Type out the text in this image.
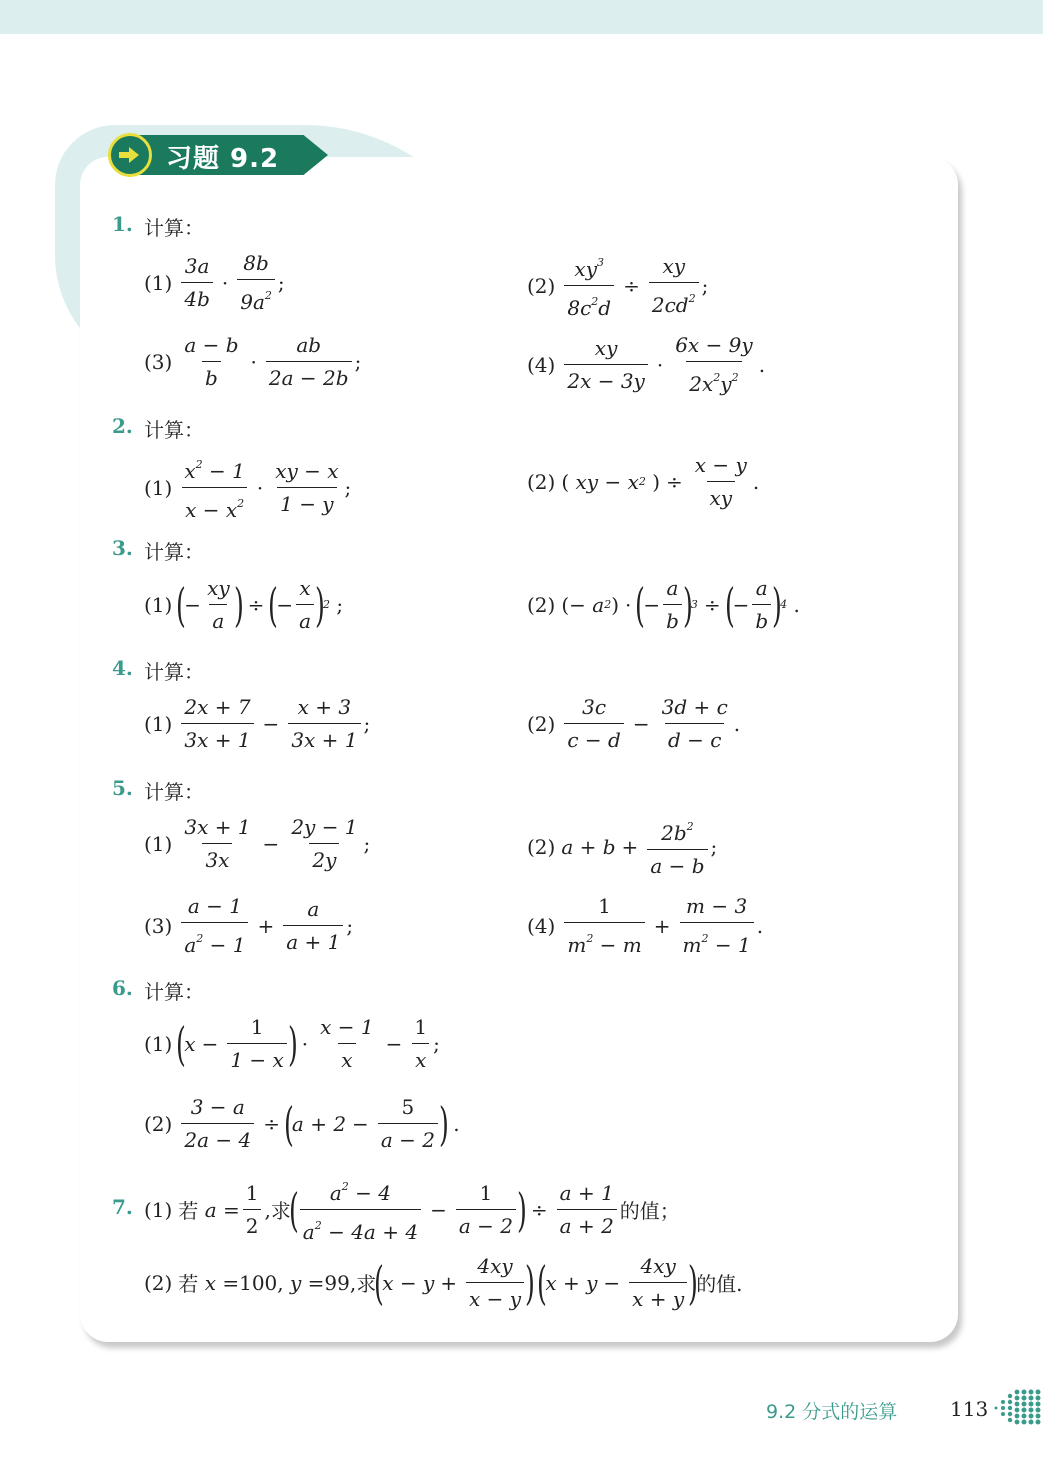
习题 9.2
1. 计算：
(1)
3a
4b
·
8b
$9a^2$
;	$(2) \frac{xy^3}{8c^2d} \div \frac{xy}{2cd^2}$ ;
(3)
a − b
b
·
ab
2a − 2b
;	(4)
xy
2x − 3y
·
6x − 9y
$2x^2y^2$
.
2. 计算：
(1)
$x^2 - 1$
$x - x^2$
·
xy − x
1 − y
;	(2) ( xy − x 2
) ÷ $\frac{x - y}{xy}$ .
3. 计算：
(1) (
− $\frac{xy}{a}$ ) ÷ (
− $\frac{x}{a}$ )
2 ;	(2) ( − a 2 ) · (
− $\frac{a}{b}$ )
3 ÷ (
− $\frac{a}{b}$ )
4 .
4. 计算：
(1)
2x + 7
3x + 1
− $\frac{x + 3}{3x + 1}$ ;	(2)
3c
c − d
− $\frac{3d + c}{d - c}$ .
5. 计算：
(1)
3x + 1
3x
− $\frac{2y - 1}{2y}$ ;	(2) $a + b + \frac{2b^2}{a - b}$ ;
(3)
a − 1
$a^2 - 1$
+ $\frac{a}{a + 1}$ ;	(4)
1
$m^2 - m$
+ $\frac{m - 3}{m^2 - 1}$ .
6. 计算：
(1) (
$x - \frac{1}{1 - x}$ ) ·
x − 1
x
− $\frac{1}{x}$ ;
$(2) \frac{3 - a}{2a - 4}$ ÷ (
$a + 2 - \frac{5}{a - 2}$ )
.
7. (1) 若 a =
1
2
, 求
( $a^2 - 4$
$a^2 - 4a + 4$
− $\frac{1}{a - 2}$ ) ÷ $\frac{a + 1}{a + 2}$ 的值；
(2) 若 x = 100, y = 99, 求
(
$x - y + \frac{4xy}{x - y}$ )
(
$x + y - \frac{4xy}{x + y}$ )
的值.
9.2 分式的运算	113
